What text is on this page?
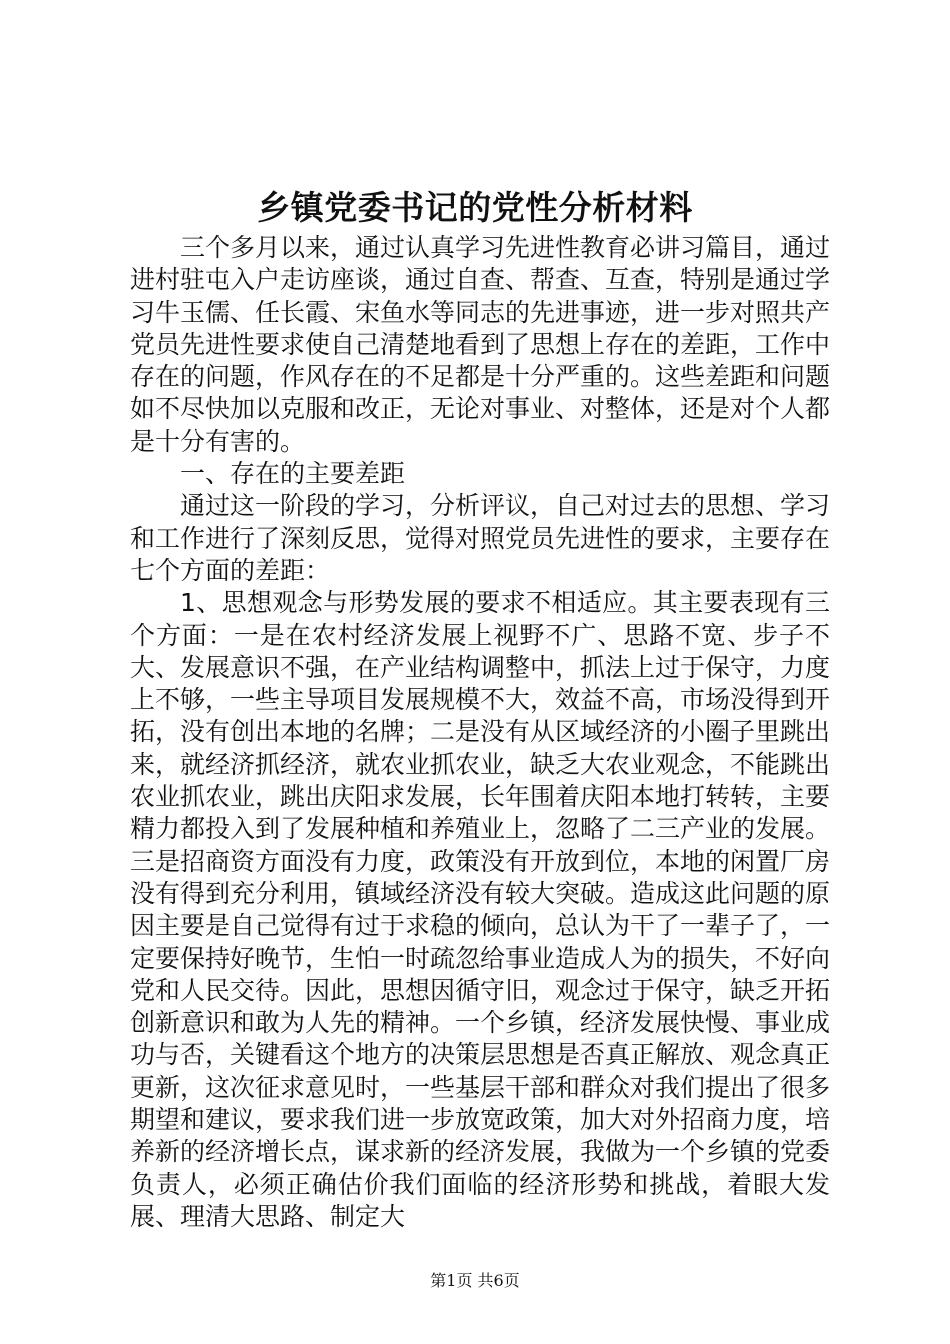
乡镇党委书记的党性分析材料

三个多月以来，通过认真学习先进性教育必讲习篇目，通过进村驻屯入户走访座谈，通过自查、帮查、互查，特别是通过学习牛玉儒、任长霞、宋鱼水等同志的先进事迹，进一步对照共产党员先进性要求使自己清楚地看到了思想上存在的差距，工作中存在的问题，作风存在的不足都是十分严重的。这些差距和问题如不尽快加以克服和改正，无论对事业、对整体，还是对个人都是十分有害的。

一、存在的主要差距

通过这一阶段的学习，分析评议，自己对过去的思想、学习和工作进行了深刻反思，觉得对照党员先进性的要求，主要存在七个方面的差距：

1、思想观念与形势发展的要求不相适应。其主要表现有三个方面：一是在农村经济发展上视野不广、思路不宽、步子不大、发展意识不强，在产业结构调整中，抓法上过于保守，力度上不够，一些主导项目发展规模不大，效益不高，市场没得到开拓，没有创出本地的名牌；二是没有从区域经济的小圈子里跳出来，就经济抓经济，就农业抓农业，缺乏大农业观念，不能跳出农业抓农业，跳出庆阳求发展，长年围着庆阳本地打转转，主要精力都投入到了发展种植和养殖业上，忽略了二三产业的发展。三是招商资方面没有力度，政策没有开放到位，本地的闲置厂房没有得到充分利用，镇域经济没有较大突破。造成这此问题的原因主要是自己觉得有过于求稳的倾向，总认为干了一辈子了，一定要保持好晚节，生怕一时疏忽给事业造成人为的损失，不好向党和人民交待。因此，思想因循守旧，观念过于保守，缺乏开拓创新意识和敢为人先的精神。一个乡镇，经济发展快慢、事业成功与否，关键看这个地方的决策层思想是否真正解放、观念真正更新，这次征求意见时，一些基层干部和群众对我们提出了很多期望和建议，要求我们进一步放宽政策，加大对外招商力度，培养新的经济增长点，谋求新的经济发展，我做为一个乡镇的党委负责人，必须正确估价我们面临的经济形势和挑战，着眼大发展、理清大思路、制定大

第1页 共6页
